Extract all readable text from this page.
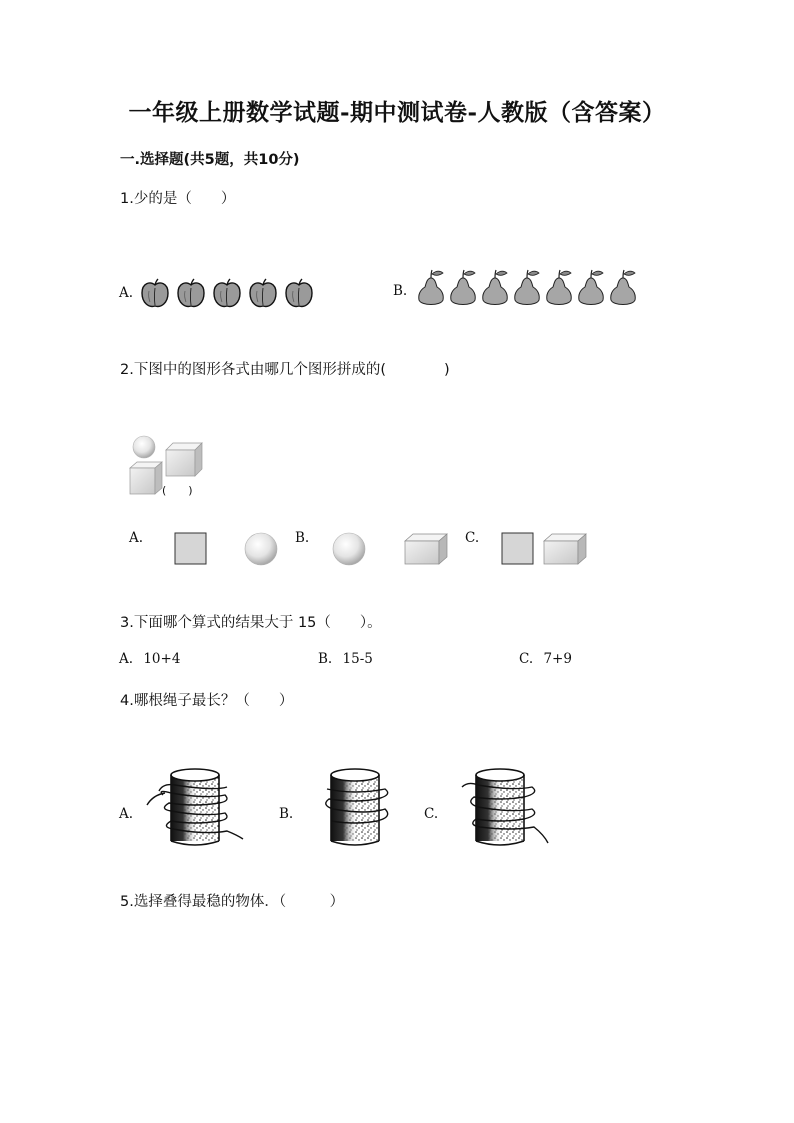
一年级上册数学试题-期中测试卷-人教版（含答案）
一.选择题(共5题，共10分)
1.少的是（　　）
A.	B.
2.下图中的图形各式由哪几个图形拼成的(　　　　)
(　　)
A.	B.	C.
3.下面哪个算式的结果大于 15（　　）。
A. 10+4	B. 15-5	C. 7+9
4.哪根绳子最长？（　　）
A.	B.	C.
5.选择叠得最稳的物体．（　　　）
